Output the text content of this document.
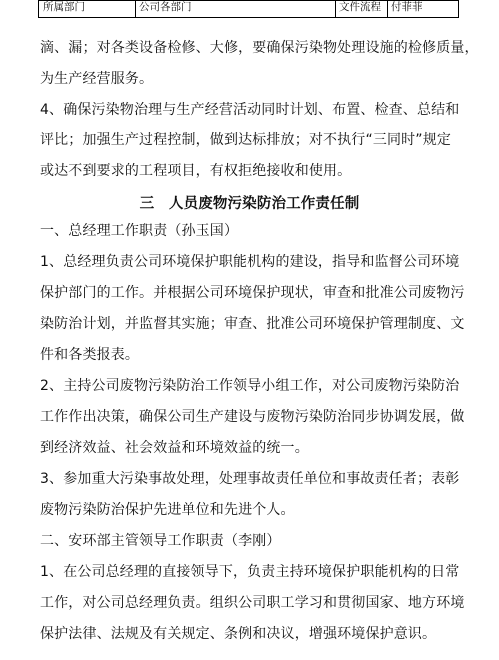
所属部门	公司各部门	文件流程 付菲菲
滴、漏；对各类设备检修、大修，要确保污染物处理设施的检修质量，
为生产经营服务。
4、确保污染物治理与生产经营活动同时计划、布置、检查、总结和
评比；加强生产过程控制，做到达标排放；对不执行“三同时”规定
或达不到要求的工程项目，有权拒绝接收和使用。
三　人员废物污染防治工作责任制
一、总经理工作职责（孙玉国）
1、总经理负责公司环境保护职能机构的建设，指导和监督公司环境
保护部门的工作。并根据公司环境保护现状，审查和批准公司废物污
染防治计划，并监督其实施；审查、批准公司环境保护管理制度、文
件和各类报表。
2、主持公司废物污染防治工作领导小组工作，对公司废物污染防治
工作作出决策，确保公司生产建设与废物污染防治同步协调发展，做
到经济效益、社会效益和环境效益的统一。
3、参加重大污染事故处理，处理事故责任单位和事故责任者；表彰
废物污染防治保护先进单位和先进个人。
二、安环部主管领导工作职责（李刚）
1、在公司总经理的直接领导下，负责主持环境保护职能机构的日常
工作，对公司总经理负责。组织公司职工学习和贯彻国家、地方环境
保护法律、法规及有关规定、条例和决议，增强环境保护意识。
